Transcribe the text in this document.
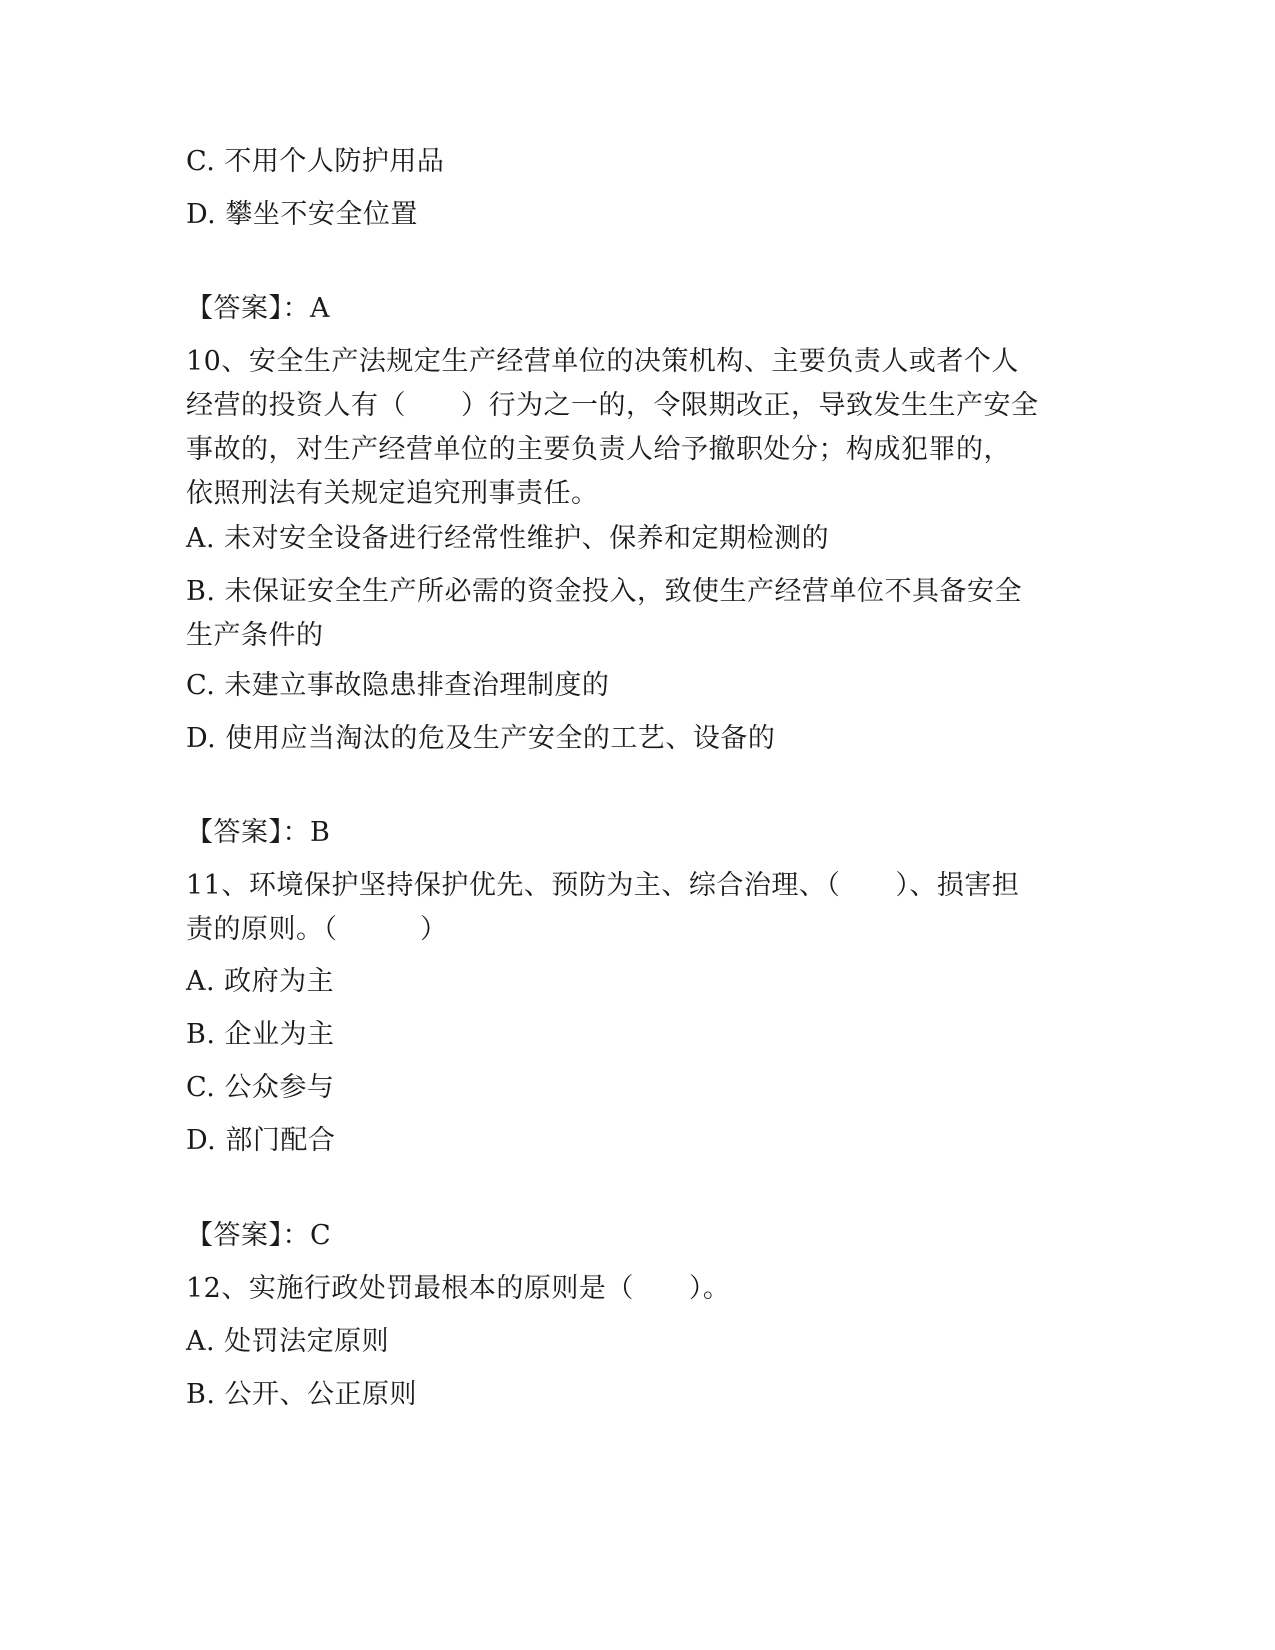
C. 不用个人防护用品
D. 攀坐不安全位置
【答案】：A
10、安全生产法规定生产经营单位的决策机构、主要负责人或者个人
经营的投资人有（　　）行为之一的，令限期改正，导致发生生产安全
事故的，对生产经营单位的主要负责人给予撤职处分；构成犯罪的，
依照刑法有关规定追究刑事责任。
A. 未对安全设备进行经常性维护、保养和定期检测的
B. 未保证安全生产所必需的资金投入，致使生产经营单位不具备安全
生产条件的
C. 未建立事故隐患排查治理制度的
D. 使用应当淘汰的危及生产安全的工艺、设备的
【答案】：B
11、环境保护坚持保护优先、预防为主、综合治理、（　　）、损害担
责的原则。（　　　）
A. 政府为主
B. 企业为主
C. 公众参与
D. 部门配合
【答案】：C
12、实施行政处罚最根本的原则是（　　）。
A. 处罚法定原则
B. 公开、公正原则
